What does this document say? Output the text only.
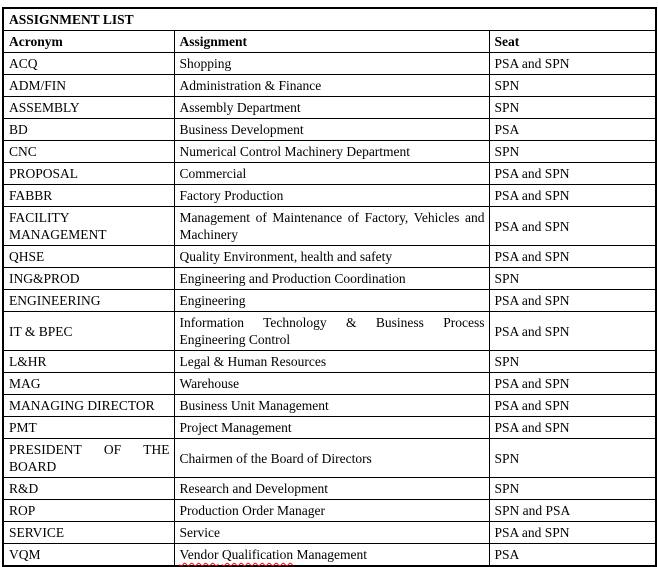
ASSIGNMENT LIST		
Acronym	Assignment	Seat
ACQ	Shopping	PSA and SPN
ADM/FIN	Administration & Finance	SPN
ASSEMBLY	Assembly Department	SPN
BD	Business Development	PSA
CNC	Numerical Control Machinery Department	SPN
PROPOSAL	Commercial	PSA and SPN
FABBR	Factory Production	PSA and SPN
FACILITY MANAGEMENT	Management of Maintenance of Factory, Vehicles and Machinery	PSA and SPN
QHSE	Quality Environment, health and safety	PSA and SPN
ING&PROD	Engineering and Production Coordination	SPN
ENGINEERING	Engineering	PSA and SPN
IT & BPEC	Information Technology & Business Process Engineering Control	PSA and SPN
L&HR	Legal & Human Resources	SPN
MAG	Warehouse	PSA and SPN
MANAGING DIRECTOR	Business Unit Management	PSA and SPN
PMT	Project Management	PSA and SPN
PRESIDENT OF THE BOARD	Chairmen of the Board of Directors	SPN
R&D	Research and Development	SPN
ROP	Production Order Manager	SPN and PSA
SERVICE	Service	PSA and SPN
VQM	Vendor Qualification Management	PSA
